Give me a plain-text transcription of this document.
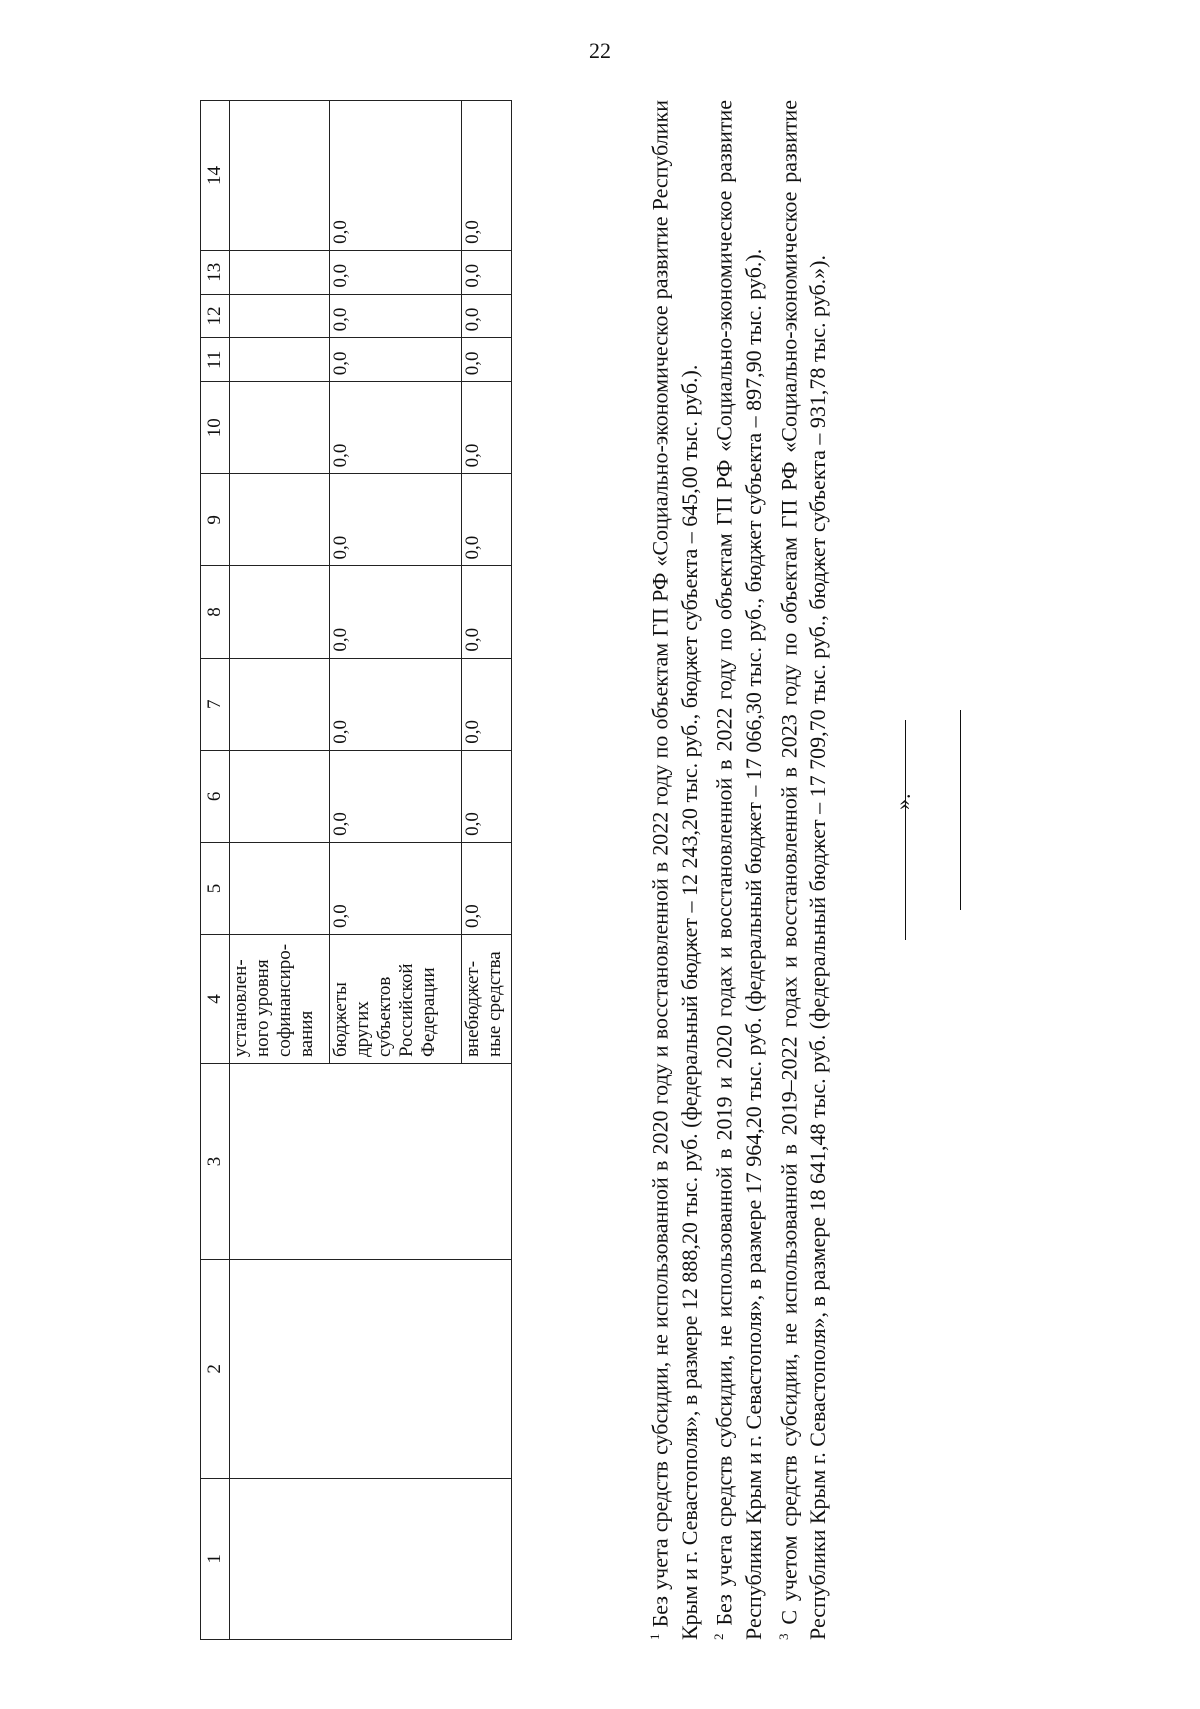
22
1	2	3	4	5	6	7	8	9	10	11	12	13	14
			установлен-ного уровня софинансиро-вания										
			бюджеты других субъектов Российской Федерации	0,0	0,0	0,0	0,0	0,0	0,0	0,0	0,0	0,0	0,0
			внебюджет-ные средства	0,0	0,0	0,0	0,0	0,0	0,0	0,0	0,0	0,0	0,0

$^1$ Без учета средств субсидии, не использованной в 2020 году и восстановленной в 2022 году по объектам ГП РФ «Социально-экономическое развитие Республики Крым и г. Севастополя», в размере 12 888,20 тыс. руб. (федеральный бюджет – 12 243,20 тыс. руб., бюджет субъекта – 645,00 тыс. руб.). $^2$ Без учета средств субсидии, не использованной в 2019 и 2020 годах и восстановленной в 2022 году по объектам ГП РФ «Социально-экономическое развитие Республики Крым и г. Севастополя», в размере 17 964,20 тыс. руб. (федеральный бюджет – 17 066,30 тыс. руб., бюджет субъекта – 897,90 тыс. руб.). $^3$ С учетом средств субсидии, не использованной в 2019–2022 годах и восстановленной в 2023 году по объектам ГП РФ «Социально-экономическое развитие Республики Крым г. Севастополя», в размере 18 641,48 тыс. руб. (федеральный бюджет – 17 709,70 тыс. руб., бюджет субъекта – 931,78 тыс. руб.»).	».
